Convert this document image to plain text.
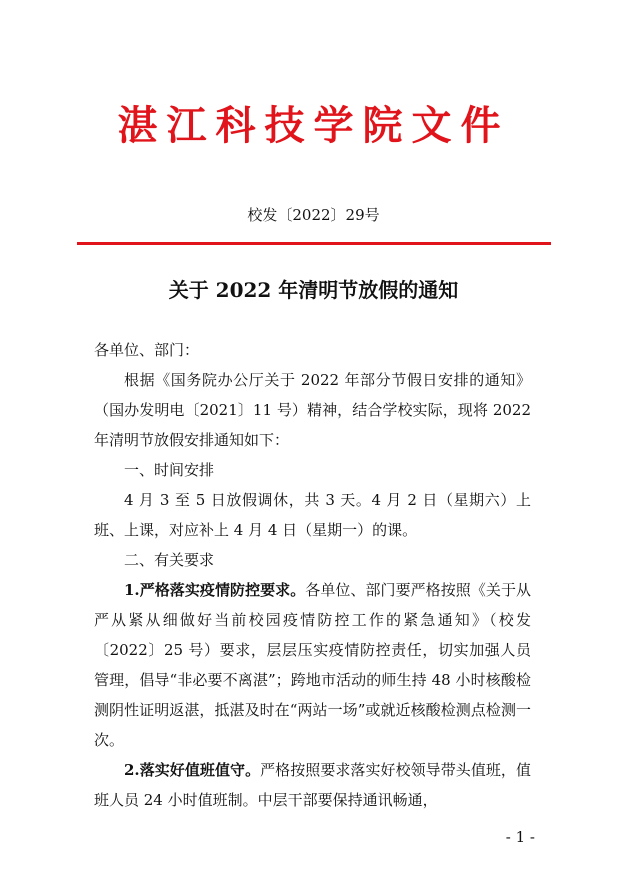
湛江科技学院文件
校发〔2022〕29号
关于 2022 年清明节放假的通知

各单位、部门：

根据《国务院办公厅关于 2022 年部分节假日安排的通知》（国办发明电〔2021〕11 号）精神，结合学校实际，现将 2022 年清明节放假安排通知如下：

一、时间安排

4 月 3 至 5 日放假调休，共 3 天。4 月 2 日（星期六）上班、上课，对应补上 4 月 4 日（星期一）的课。

二、有关要求

1.严格落实疫情防控要求。各单位、部门要严格按照《关于从严从紧从细做好当前校园疫情防控工作的紧急通知》（校发〔2022〕25 号）要求，层层压实疫情防控责任，切实加强人员管理，倡导“非必要不离湛”；跨地市活动的师生持 48 小时核酸检测阴性证明返湛，抵湛及时在“两站一场”或就近核酸检测点检测一次。

2.落实好值班值守。严格按照要求落实好校领导带头值班，值班人员 24 小时值班制。中层干部要保持通讯畅通，

- 1 -
